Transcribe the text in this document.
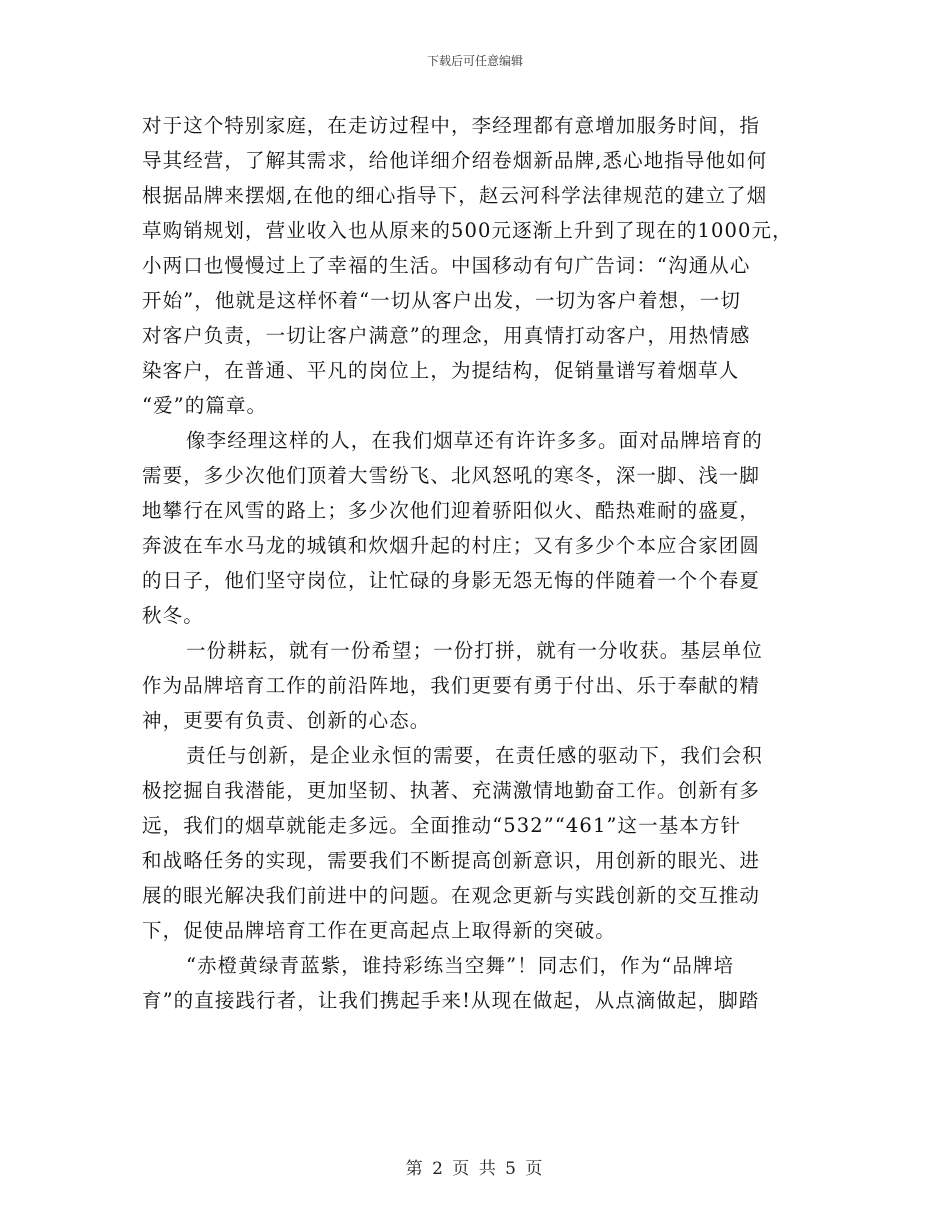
下载后可任意编辑

对于这个特别家庭，在走访过程中，李经理都有意增加服务时间，指
导其经营，了解其需求，给他详细介绍卷烟新品牌,悉心地指导他如何
根据品牌来摆烟,在他的细心指导下，赵云河科学法律规范的建立了烟
草购销规划，营业收入也从原来的500元逐渐上升到了现在的1000元，
小两口也慢慢过上了幸福的生活。中国移动有句广告词：“沟通从心
开始”，他就是这样怀着“一切从客户出发，一切为客户着想，一切
对客户负责，一切让客户满意”的理念，用真情打动客户，用热情感
染客户，在普通、平凡的岗位上，为提结构，促销量谱写着烟草人
“爱”的篇章。

像李经理这样的人，在我们烟草还有许许多多。面对品牌培育的
需要，多少次他们顶着大雪纷飞、北风怒吼的寒冬，深一脚、浅一脚
地攀行在风雪的路上；多少次他们迎着骄阳似火、酷热难耐的盛夏，
奔波在车水马龙的城镇和炊烟升起的村庄；又有多少个本应合家团圆
的日子，他们坚守岗位，让忙碌的身影无怨无悔的伴随着一个个春夏
秋冬。

一份耕耘，就有一份希望；一份打拼，就有一分收获。基层单位
作为品牌培育工作的前沿阵地，我们更要有勇于付出、乐于奉献的精
神，更要有负责、创新的心态。

责任与创新，是企业永恒的需要，在责任感的驱动下，我们会积
极挖掘自我潜能，更加坚韧、执著、充满激情地勤奋工作。创新有多
远，我们的烟草就能走多远。全面推动“532”“461”这一基本方针
和战略任务的实现，需要我们不断提高创新意识，用创新的眼光、进
展的眼光解决我们前进中的问题。在观念更新与实践创新的交互推动
下，促使品牌培育工作在更高起点上取得新的突破。

“赤橙黄绿青蓝紫，谁持彩练当空舞”！同志们，作为“品牌培
育”的直接践行者，让我们携起手来!从现在做起，从点滴做起，脚踏

第 2 页 共 5 页
